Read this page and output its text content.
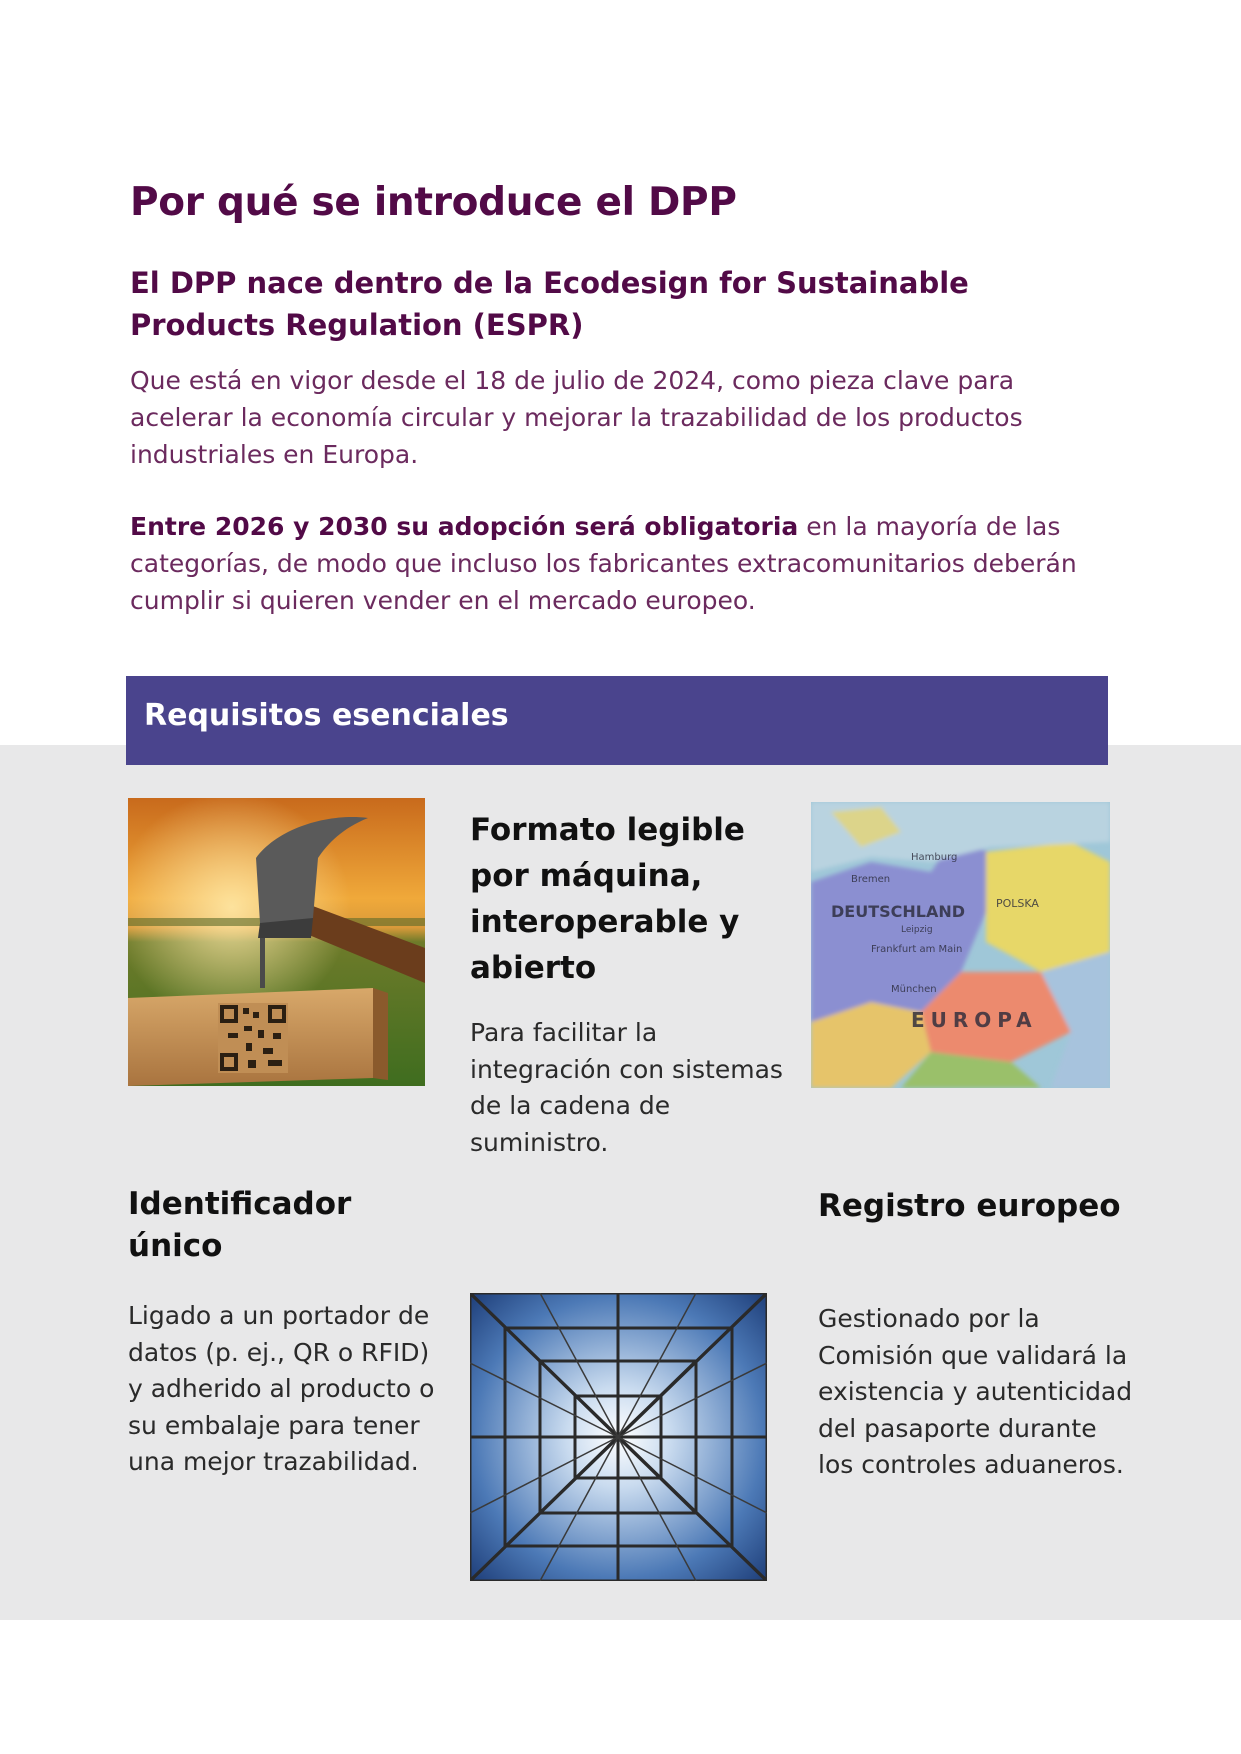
Por qué se introduce el DPP
El DPP nace dentro de la Ecodesign for Sustainable Products Regulation (ESPR)

Que está en vigor desde el 18 de julio de 2024, como pieza clave para acelerar la economía circular y mejorar la trazabilidad de los productos industriales en Europa.

Entre 2026 y 2030 su adopción será obligatoria en la mayoría de las categorías, de modo que incluso los fabricantes extracomunitarios deberán cumplir si quieren vender en el mercado europeo.

Requisitos esenciales
Formato legible por máquina, interoperable y abierto

Para facilitar la integración con sistemas de la cadena de suministro.

DEUTSCHLAND	POLSKA
EUROPA
Hamburg
Frankfurt am Main
München
Bremen
Leipzig
Identificador único

Ligado a un portador de datos (p. ej., QR o RFID) y adherido al producto o su embalaje para tener una mejor trazabilidad.

Registro europeo

Gestionado por la Comisión que validará la existencia y autenticidad del pasaporte durante los controles aduaneros.
